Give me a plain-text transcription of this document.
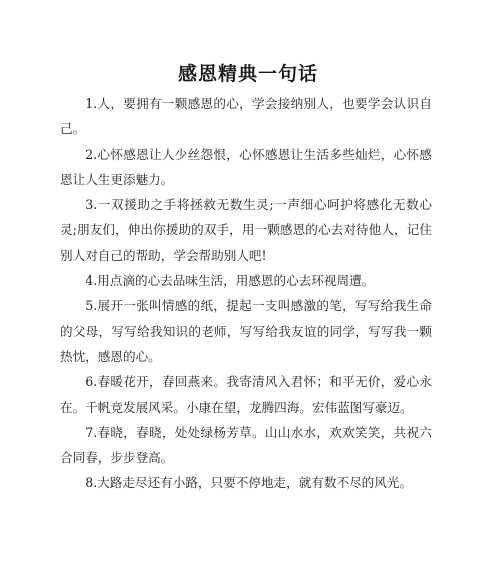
感恩精典一句话

1.人，要拥有一颗感恩的心，学会接纳别人，也要学会认识自己。

2.心怀感恩让人少丝怨恨，心怀感恩让生活多些灿烂，心怀感恩让人生更添魅力。

3.一双援助之手将拯救无数生灵;一声细心呵护将感化无数心灵;朋友们，伸出你援助的双手，用一颗感恩的心去对待他人，记住别人对自己的帮助，学会帮助别人吧!

4.用点滴的心去品味生活，用感恩的心去环视周遭。

5.展开一张叫情感的纸，提起一支叫感激的笔，写写给我生命的父母，写写给我知识的老师，写写给我友谊的同学，写写我一颗热忱，感恩的心。

6.春暖花开，春回燕来。我寄清风入君怀；和平无价，爱心永在。千帆竞发展风采。小康在望，龙腾四海。宏伟蓝图写豪迈。

7.春晓，春晓，处处绿杨芳草。山山水水，欢欢笑笑，共祝六合同春，步步登高。

8.大路走尽还有小路，只要不停地走，就有数不尽的风光。
